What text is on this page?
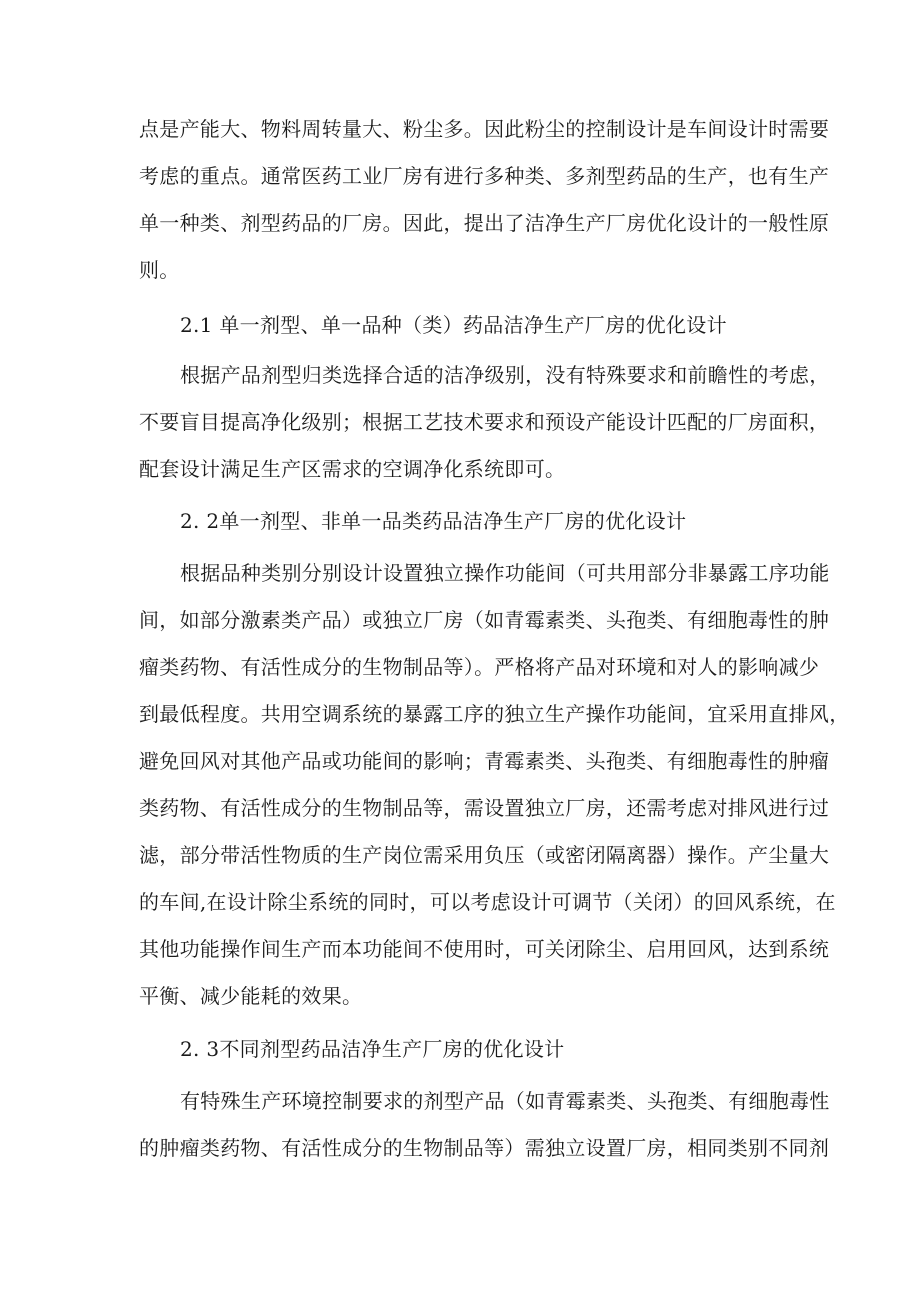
点是产能大、物料周转量大、粉尘多。因此粉尘的控制设计是车间设计时需要
考虑的重点。通常医药工业厂房有进行多种类、多剂型药品的生产，也有生产
单一种类、剂型药品的厂房。因此，提出了洁净生产厂房优化设计的一般性原
则。
2.1 单一剂型、单一品种（类）药品洁净生产厂房的优化设计
根据产品剂型归类选择合适的洁净级别，没有特殊要求和前瞻性的考虑，
不要盲目提高净化级别；根据工艺技术要求和预设产能设计匹配的厂房面积，
配套设计满足生产区需求的空调净化系统即可。
2. 2单一剂型、非单一品类药品洁净生产厂房的优化设计
根据品种类别分别设计设置独立操作功能间（可共用部分非暴露工序功能
间，如部分激素类产品）或独立厂房（如青霉素类、头孢类、有细胞毒性的肿
瘤类药物、有活性成分的生物制品等）。严格将产品对环境和对人的影响减少
到最低程度。共用空调系统的暴露工序的独立生产操作功能间，宜采用直排风，
避免回风对其他产品或功能间的影响；青霉素类、头孢类、有细胞毒性的肿瘤
类药物、有活性成分的生物制品等，需设置独立厂房，还需考虑对排风进行过
滤，部分带活性物质的生产岗位需采用负压（或密闭隔离器）操作。产尘量大
的车间,在设计除尘系统的同时，可以考虑设计可调节（关闭）的回风系统，在
其他功能操作间生产而本功能间不使用时，可关闭除尘、启用回风，达到系统
平衡、减少能耗的效果。
2. 3不同剂型药品洁净生产厂房的优化设计
有特殊生产环境控制要求的剂型产品（如青霉素类、头孢类、有细胞毒性
的肿瘤类药物、有活性成分的生物制品等）需独立设置厂房，相同类别不同剂
